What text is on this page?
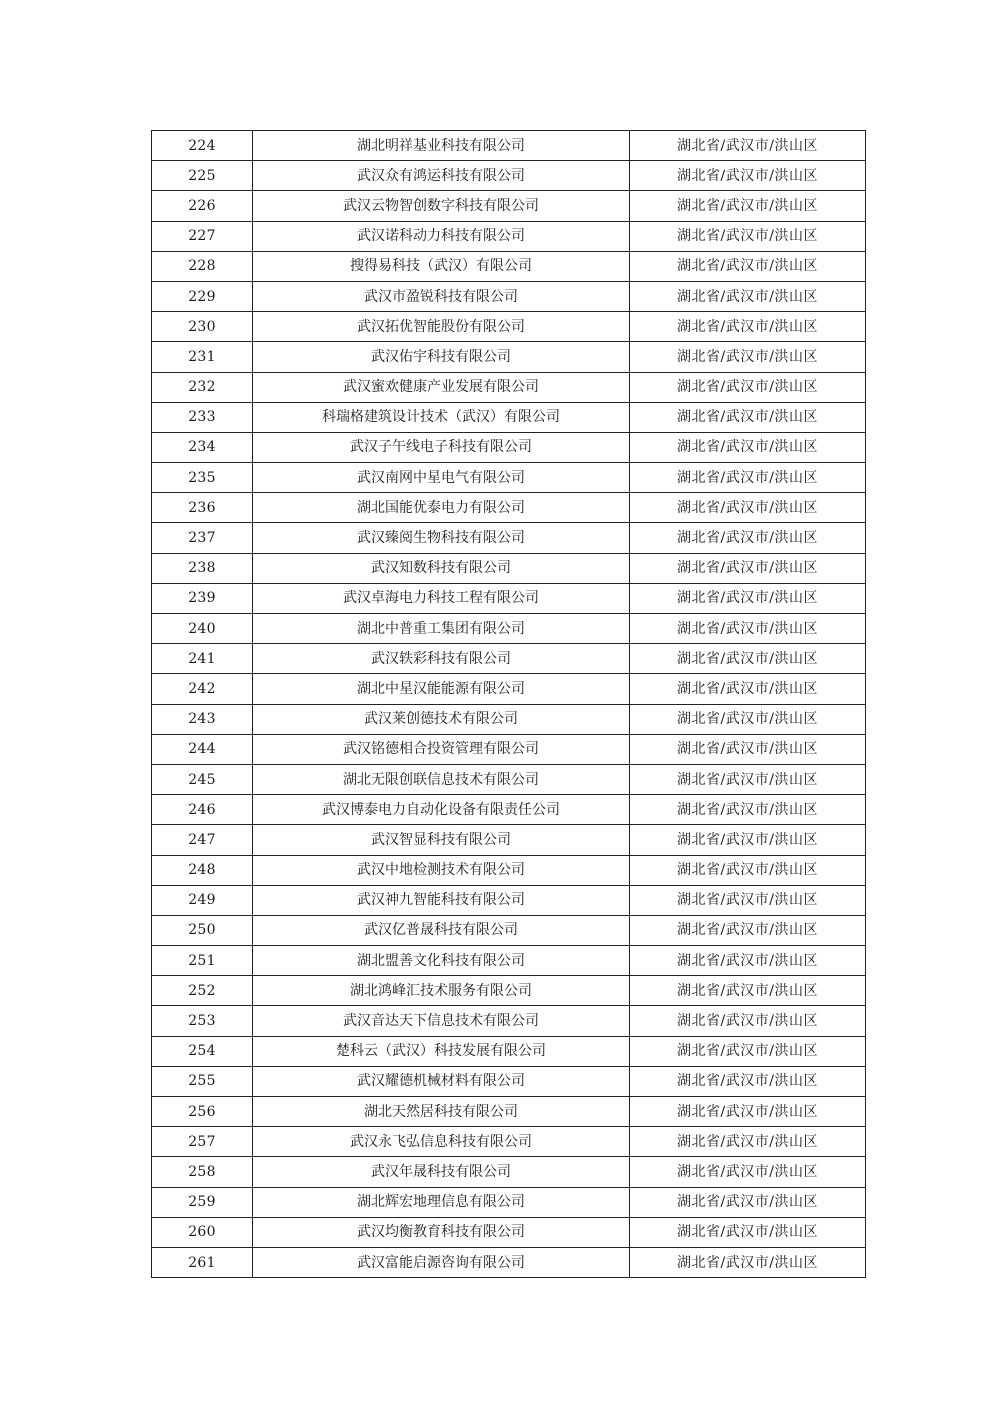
224	湖北明祥基业科技有限公司	湖北省/武汉市/洪山区
225	武汉众有鸿运科技有限公司	湖北省/武汉市/洪山区
226	武汉云物智创数字科技有限公司	湖北省/武汉市/洪山区
227	武汉诺科动力科技有限公司	湖北省/武汉市/洪山区
228	搜得易科技（武汉）有限公司	湖北省/武汉市/洪山区
229	武汉市盈锐科技有限公司	湖北省/武汉市/洪山区
230	武汉拓优智能股份有限公司	湖北省/武汉市/洪山区
231	武汉佑宇科技有限公司	湖北省/武汉市/洪山区
232	武汉蜜欢健康产业发展有限公司	湖北省/武汉市/洪山区
233	科瑞格建筑设计技术（武汉）有限公司	湖北省/武汉市/洪山区
234	武汉子午线电子科技有限公司	湖北省/武汉市/洪山区
235	武汉南网中星电气有限公司	湖北省/武汉市/洪山区
236	湖北国能优泰电力有限公司	湖北省/武汉市/洪山区
237	武汉臻阅生物科技有限公司	湖北省/武汉市/洪山区
238	武汉知数科技有限公司	湖北省/武汉市/洪山区
239	武汉卓海电力科技工程有限公司	湖北省/武汉市/洪山区
240	湖北中普重工集团有限公司	湖北省/武汉市/洪山区
241	武汉轶彩科技有限公司	湖北省/武汉市/洪山区
242	湖北中星汉能能源有限公司	湖北省/武汉市/洪山区
243	武汉莱创德技术有限公司	湖北省/武汉市/洪山区
244	武汉铭德相合投资管理有限公司	湖北省/武汉市/洪山区
245	湖北无限创联信息技术有限公司	湖北省/武汉市/洪山区
246	武汉博泰电力自动化设备有限责任公司	湖北省/武汉市/洪山区
247	武汉智显科技有限公司	湖北省/武汉市/洪山区
248	武汉中地检测技术有限公司	湖北省/武汉市/洪山区
249	武汉神九智能科技有限公司	湖北省/武汉市/洪山区
250	武汉亿普晟科技有限公司	湖北省/武汉市/洪山区
251	湖北盟善文化科技有限公司	湖北省/武汉市/洪山区
252	湖北鸿峰汇技术服务有限公司	湖北省/武汉市/洪山区
253	武汉音达天下信息技术有限公司	湖北省/武汉市/洪山区
254	楚科云（武汉）科技发展有限公司	湖北省/武汉市/洪山区
255	武汉耀德机械材料有限公司	湖北省/武汉市/洪山区
256	湖北天然居科技有限公司	湖北省/武汉市/洪山区
257	武汉永飞弘信息科技有限公司	湖北省/武汉市/洪山区
258	武汉年晟科技有限公司	湖北省/武汉市/洪山区
259	湖北辉宏地理信息有限公司	湖北省/武汉市/洪山区
260	武汉均衡教育科技有限公司	湖北省/武汉市/洪山区
261	武汉富能启源咨询有限公司	湖北省/武汉市/洪山区
